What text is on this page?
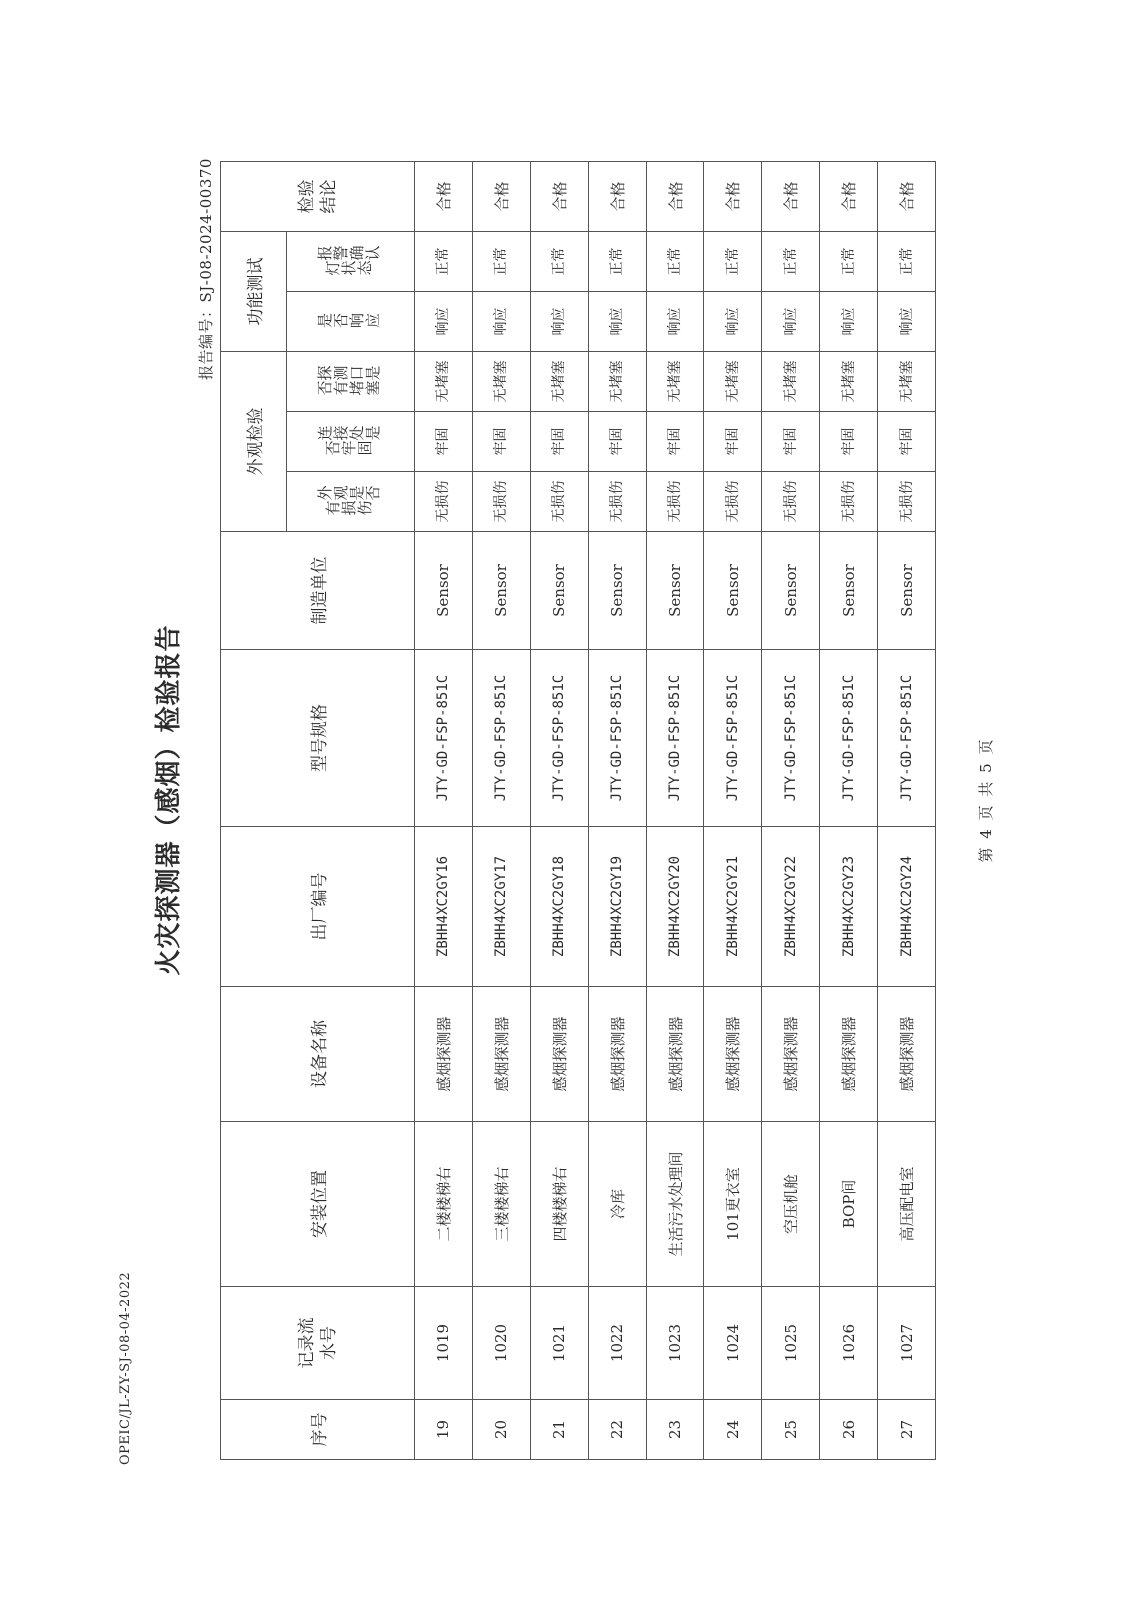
OPEIC/JL-ZY-SJ-08-04-2022
火灾探测器（感烟）检验报告
报告编号：SJ-08-2024-00370
序号	记录流水号	安装位置	设备名称	出厂编号	型号规格	制造单位	外观检验			功能测试		检验结论
							外观是否有损伤	连接处是否牢固	探测口是否有堵塞	是否响应	报警确认灯状态	
19	1019	二楼楼梯右	感烟探测器	ZBHH4XC2GY16	JTY-GD-FSP-851C	Sensor	无损伤	牢固	无堵塞	响应	正常	合格
20	1020	三楼楼梯右	感烟探测器	ZBHH4XC2GY17	JTY-GD-FSP-851C	Sensor	无损伤	牢固	无堵塞	响应	正常	合格
21	1021	四楼楼梯右	感烟探测器	ZBHH4XC2GY18	JTY-GD-FSP-851C	Sensor	无损伤	牢固	无堵塞	响应	正常	合格
22	1022	冷库	感烟探测器	ZBHH4XC2GY19	JTY-GD-FSP-851C	Sensor	无损伤	牢固	无堵塞	响应	正常	合格
23	1023	生活污水处理间	感烟探测器	ZBHH4XC2GY20	JTY-GD-FSP-851C	Sensor	无损伤	牢固	无堵塞	响应	正常	合格
24	1024	101更衣室	感烟探测器	ZBHH4XC2GY21	JTY-GD-FSP-851C	Sensor	无损伤	牢固	无堵塞	响应	正常	合格
25	1025	空压机舱	感烟探测器	ZBHH4XC2GY22	JTY-GD-FSP-851C	Sensor	无损伤	牢固	无堵塞	响应	正常	合格
26	1026	BOP间	感烟探测器	ZBHH4XC2GY23	JTY-GD-FSP-851C	Sensor	无损伤	牢固	无堵塞	响应	正常	合格
27	1027	高压配电室	感烟探测器	ZBHH4XC2GY24	JTY-GD-FSP-851C	Sensor	无损伤	牢固	无堵塞	响应	正常	合格
第 4 页 共 5 页
